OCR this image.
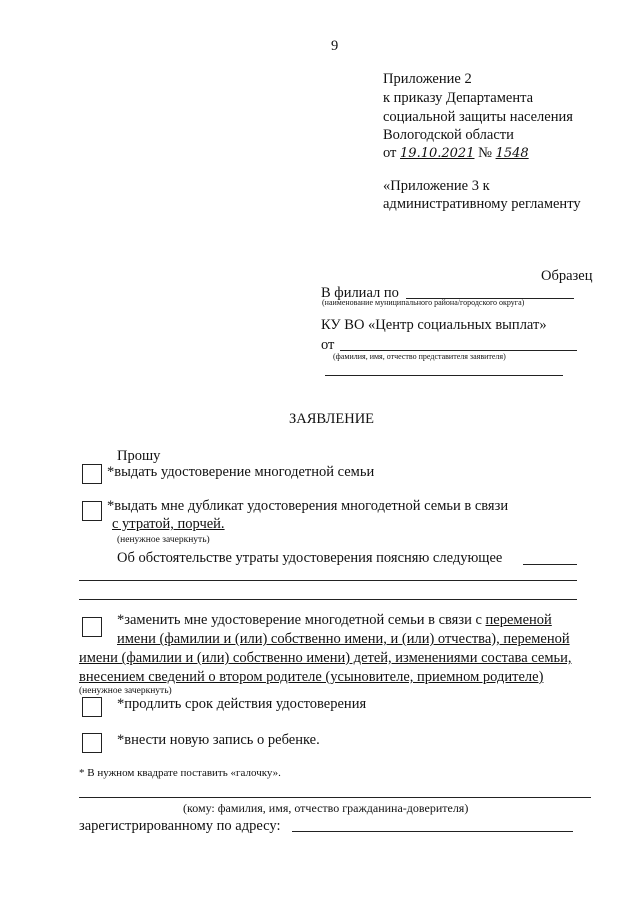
9
Приложение 2
к приказу Департамента
социальной защиты населения
Вологодской области
от 19.10.2021 № 1548
«Приложение 3 к
административному регламенту
Образец
В филиал по
(наименование муниципального района/городского округа)
КУ ВО «Центр социальных выплат»
от
(фамилия, имя, отчество представителя заявителя)
ЗАЯВЛЕНИЕ
Прошу
*выдать удостоверение многодетной семьи
*выдать мне дубликат удостоверения многодетной семьи в связи
с утратой, порчей.
(ненужное зачеркнуть)
Об обстоятельстве утраты удостоверения поясняю следующее
*заменить мне удостоверение многодетной семьи в связи с переменой
имени (фамилии и (или) собственно имени, и (или) отчества), переменой
имени (фамилии и (или) собственно имени) детей, изменениями состава семьи,
внесением сведений о втором родителе (усыновителе, приемном родителе)
(ненужное зачеркнуть)
*продлить срок действия удостоверения
*внести новую запись о ребенке.
* В нужном квадрате поставить «галочку».
(кому: фамилия, имя, отчество гражданина-доверителя)
зарегистрированному по адресу:
